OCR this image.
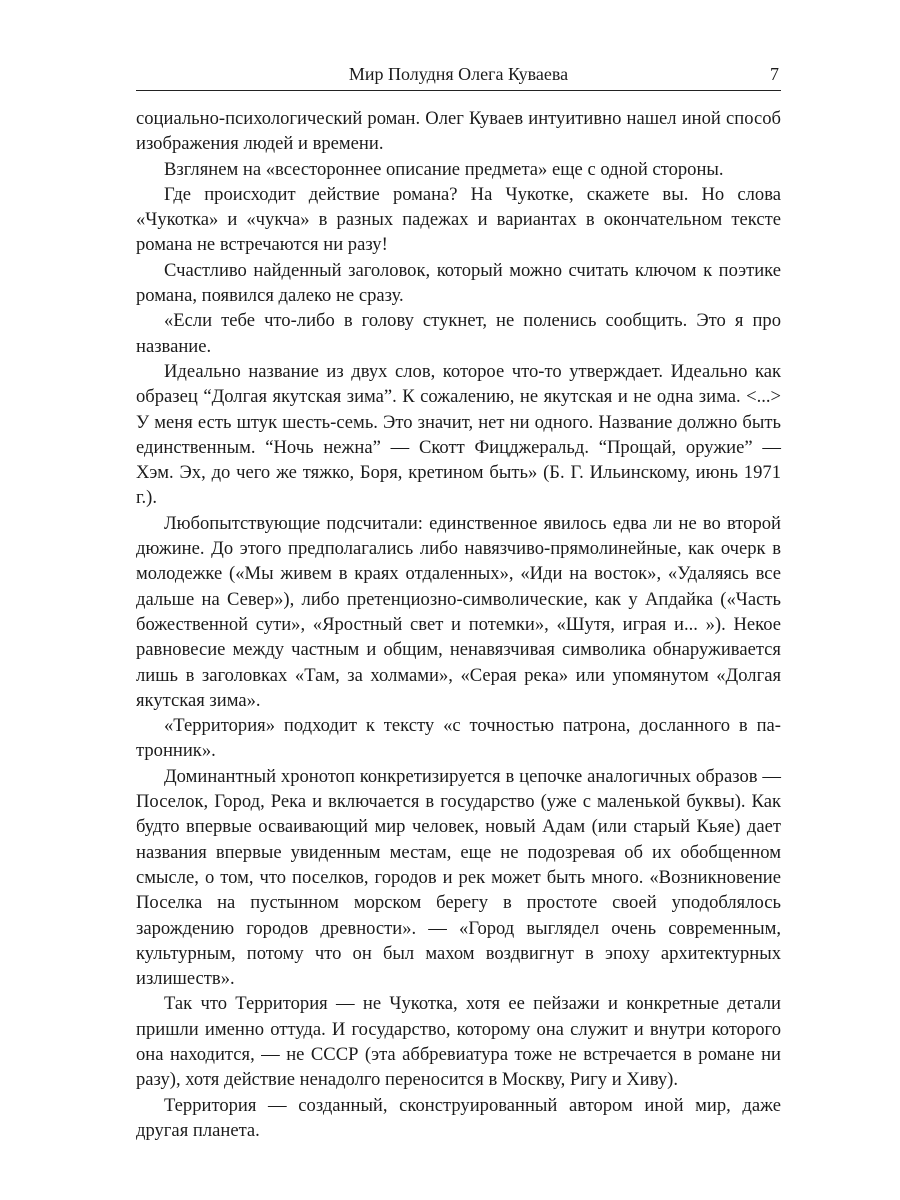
Мир Полудня Олега Куваева	7

социально-психологический роман. Олег Куваев интуитивно нашел иной способ изображения людей и времени.

Взглянем на «всестороннее описание предмета» еще с одной стороны.

Где происходит действие романа? На Чукотке, скажете вы. Но слова «Чукотка» и «чукча» в разных падежах и вариантах в окончательном тексте романа не встречаются ни разу!

Счастливо найденный заголовок, который можно считать ключом к поэтике романа, появился далеко не сразу.

«Если тебе что-либо в голову стукнет, не поленись сообщить. Это я про название.

Идеально название из двух слов, которое что-то утверждает. Идеально как образец “Долгая якутская зима”. К сожалению, не якутская и не одна зима. <...> У меня есть штук шесть-семь. Это значит, нет ни одного. Название должно быть единственным. “Ночь нежна” — Скотт Фицджеральд. “Прощай, оружие” — Хэм. Эх, до чего же тяжко, Боря, кретином быть» (Б. Г. Ильинскому, июнь 1971 г.).

Любопытствующие подсчитали: единственное явилось едва ли не во второй дюжине. До этого предполагались либо навязчиво-прямолинейные, как очерк в молодежке («Мы живем в краях отдаленных», «Иди на восток», «Удаляясь все дальше на Север»), либо претенциозно-символические, как у Апдайка («Часть божественной сути», «Яростный свет и потемки», «Шутя, играя и... »). Некое равновесие между частным и общим, ненавязчивая символика обнаруживается лишь в заголовках «Там, за холмами», «Серая река» или упомянутом «Долгая якутская зима».

«Территория» подходит к тексту «с точностью патрона, досланного в патронник».

Доминантный хронотоп конкретизируется в цепочке аналогичных образов — Поселок, Город, Река и включается в государство (уже с маленькой буквы). Как будто впервые осваивающий мир человек, новый Адам (или старый Кьяе) дает названия впервые увиденным местам, еще не подозревая об их обобщенном смысле, о том, что поселков, городов и рек может быть много. «Возникновение Поселка на пустынном морском берегу в простоте своей уподоблялось зарождению городов древности». — «Город выглядел очень современным, культурным, потому что он был махом воздвигнут в эпоху архитектурных излишеств».

Так что Территория — не Чукотка, хотя ее пейзажи и конкретные детали пришли именно оттуда. И государство, которому она служит и внутри которого она находится, — не СССР (эта аббревиатура тоже не встречается в романе ни разу), хотя действие ненадолго переносится в Москву, Ригу и Хиву).

Территория — созданный, сконструированный автором иной мир, даже другая планета.
